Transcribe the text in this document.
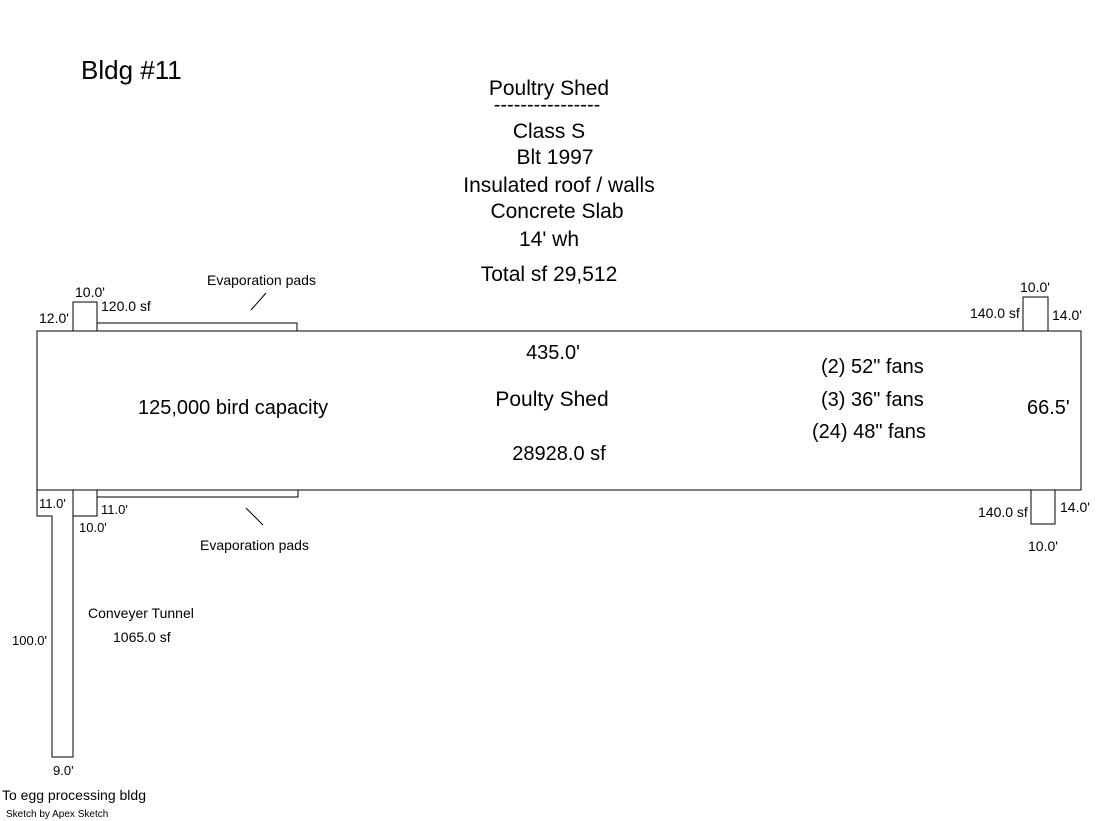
Bldg #11
Poultry Shed
----------------
Class S
Blt 1997
Insulated roof / walls
Concrete Slab
14' wh
Total sf 29,512
Evaporation pads
10.0'
120.0 sf
12.0'
10.0'
140.0 sf 14.0'
435.0'
(2) 52" fans
(3) 36" fans
(24) 48" fans
125,000 bird capacity	Poulty Shed	66.5'
28928.0 sf
11.0'	11.0'
10.0'
140.0 sf 14.0'
10.0'
Evaporation pads
Conveyer Tunnel
1065.0 sf
100.0'
9.0'
To egg processing bldg
Sketch by Apex Sketch
